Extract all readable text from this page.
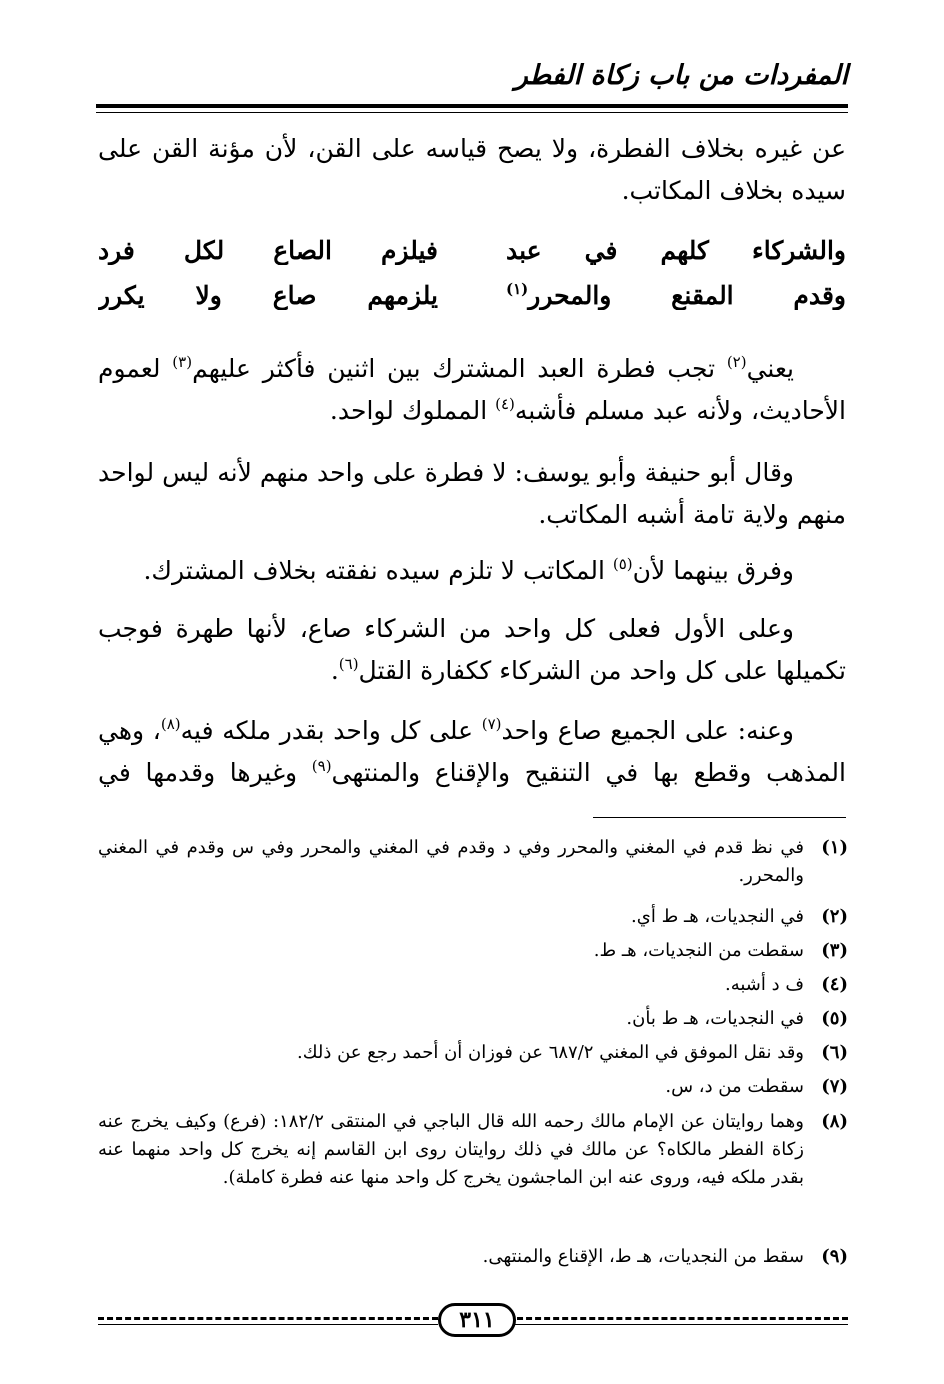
المفردات من باب زكاة الفطر
عن غيره بخلاف الفطرة، ولا يصح قياسه على القن، لأن مؤنة القن على سيده بخلاف المكاتب.
والشركاء كلهم في عبد
فيلزم الصاع لكل فرد
وقدم المقنع والمحرر$^{(١)}$
يلزمهم صاع ولا يكرر
يعني$^{(٢)}$ تجب فطرة العبد المشترك بين اثنين فأكثر عليهم$^{(٣)}$ لعموم الأحاديث، ولأنه عبد مسلم فأشبه$^{(٤)}$ المملوك لواحد.
وقال أبو حنيفة وأبو يوسف: لا فطرة على واحد منهم لأنه ليس لواحد منهم ولاية تامة أشبه المكاتب.
وفرق بينهما لأن$^{(٥)}$ المكاتب لا تلزم سيده نفقته بخلاف المشترك.
وعلى الأول فعلى كل واحد من الشركاء صاع، لأنها طهرة فوجب تكميلها على كل واحد من الشركاء ككفارة القتل$^{(٦)}$.
وعنه: على الجميع صاع واحد$^{(٧)}$ على كل واحد بقدر ملكه فيه$^{(٨)}$، وهي المذهب وقطع بها في التنقيح والإقناع والمنتهى$^{(٩)}$ وغيرها وقدمها في
(١)
في نظ قدم في المغني والمحرر وفي د وقدم في المغني والمحرر وفي س وقدم في المغني والمحرر.
(٢)
في النجديات، هـ ط أي.
(٣)
سقطت من النجديات، هـ ط.
(٤)
ف د أشبه.
(٥)
في النجديات، هـ ط بأن.
(٦)
وقد نقل الموفق في المغني ٦٨٧/٢ عن فوزان أن أحمد رجع عن ذلك.
(٧)
سقطت من د، س.
(٨)
وهما روايتان عن الإمام مالك رحمه الله قال الباجي في المنتقى ١٨٢/٢: (فرع) وكيف يخرج عنه زكاة الفطر مالكاه؟ عن مالك في ذلك روايتان روى ابن القاسم إنه يخرج كل واحد منهما عنه بقدر ملكه فيه، وروى عنه ابن الماجشون يخرج كل واحد منها عنه فطرة كاملة).
(٩)
سقط من النجديات، هـ ط، الإقناع والمنتهى.
٣١١
